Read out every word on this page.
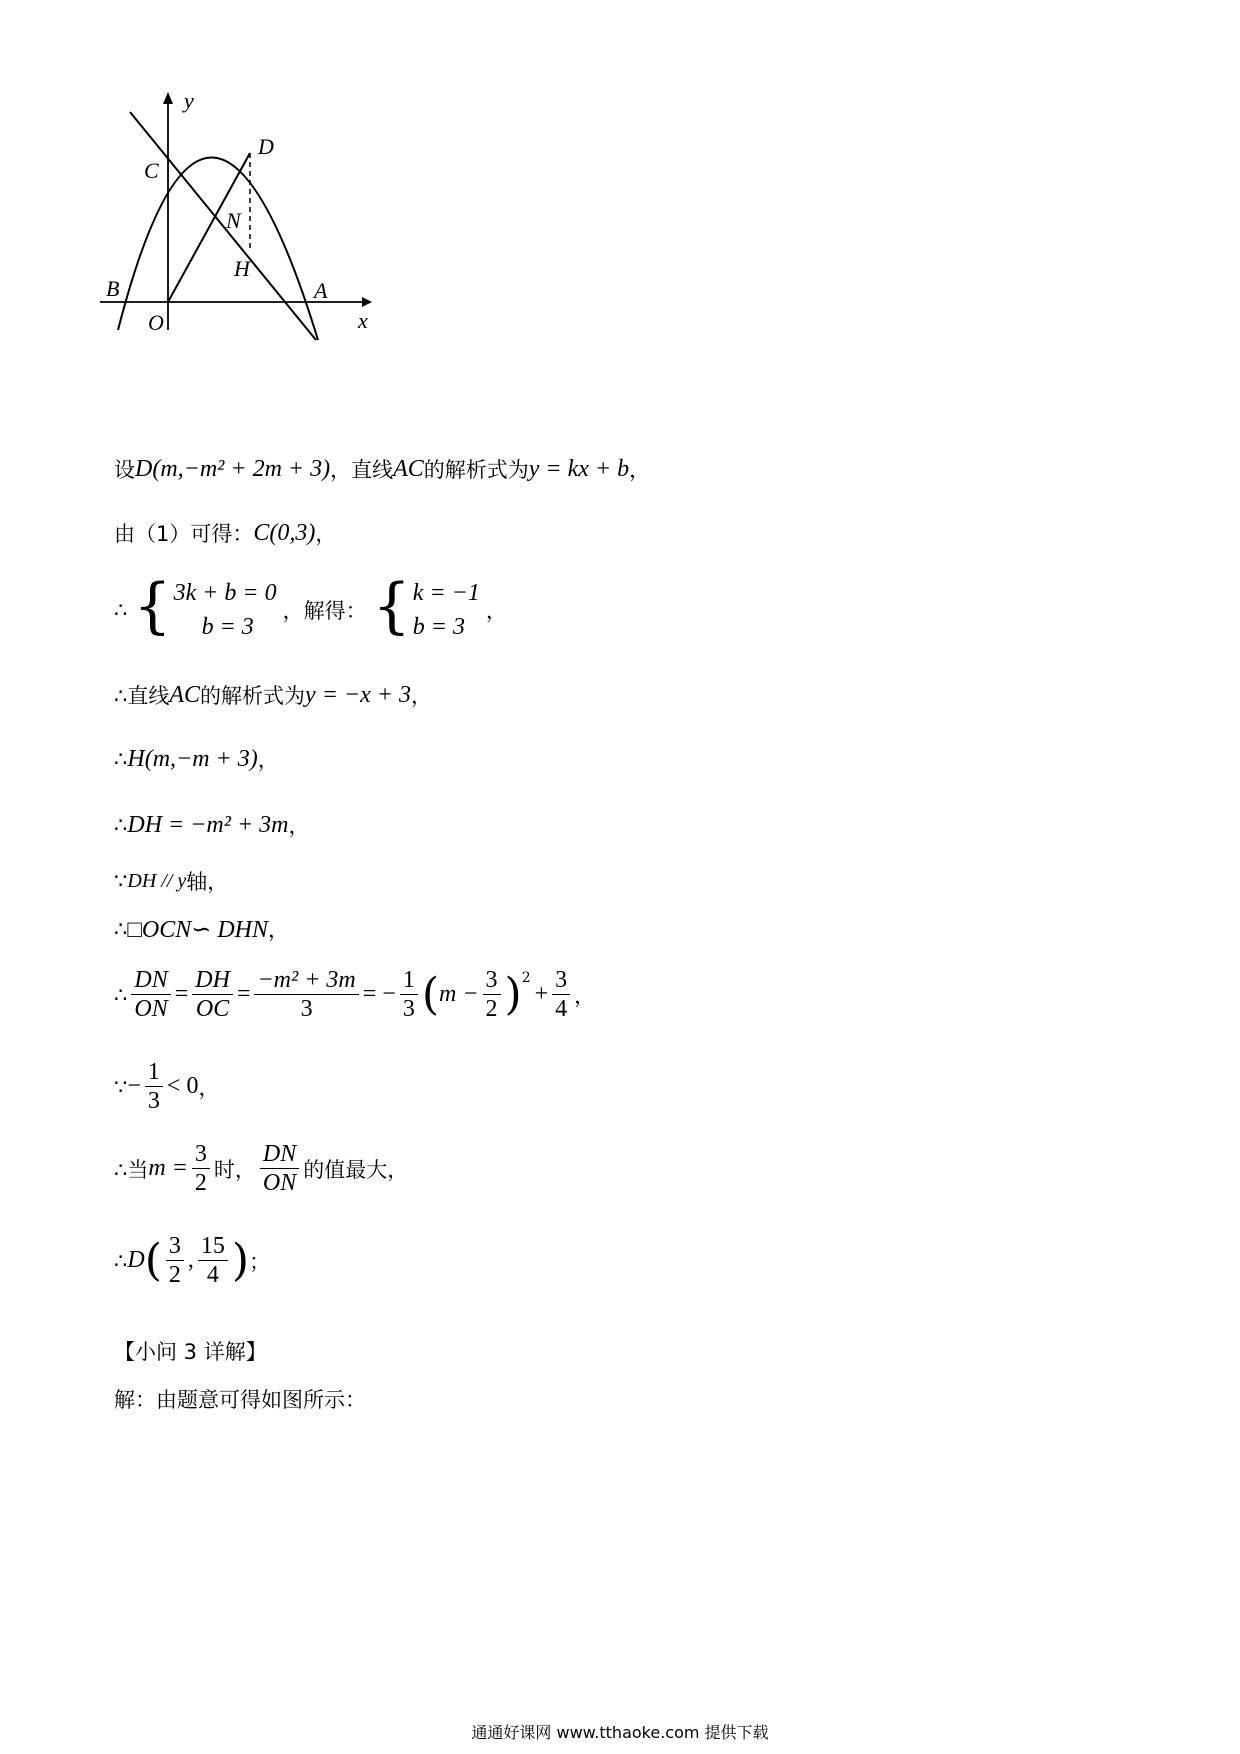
y
x
O
A
B
C
D
N
H
设 D(m,−m² + 2m + 3) ，直线 AC 的解析式为 y = kx + b ，
由（1）可得： C(0,3) ，
∴ { 3k + b = 0
b = 3
，解得： { k = −1
b = 3
，
∴直线 AC 的解析式为 y = −x + 3 ，
∴ H(m,−m + 3) ，
∴ DH = −m² + 3m ，
∵ DH // y 轴，
∴ □OCN∽ DHN ，
∴ $\frac{DN}{ON} = \frac{DH}{OC} = \frac{\text{−m² + 3m}}{3}$ = − $\frac{1}{3}$ ( $m - \frac{3}{2} )^2$
+ $\frac{3}{4}$ ，
∵ − $\frac{1}{3} < 0$ ，
∴当 $m = \frac{3}{2}$ 时， $\frac{DN}{ON}$ 的值最大，
∴ D ( $\frac{3}{2}$ , $\frac{15}{4}$ ) ；
【小问 3 详解】
解：由题意可得如图所示：
通通好课网 www.tthaoke.com 提供下载
